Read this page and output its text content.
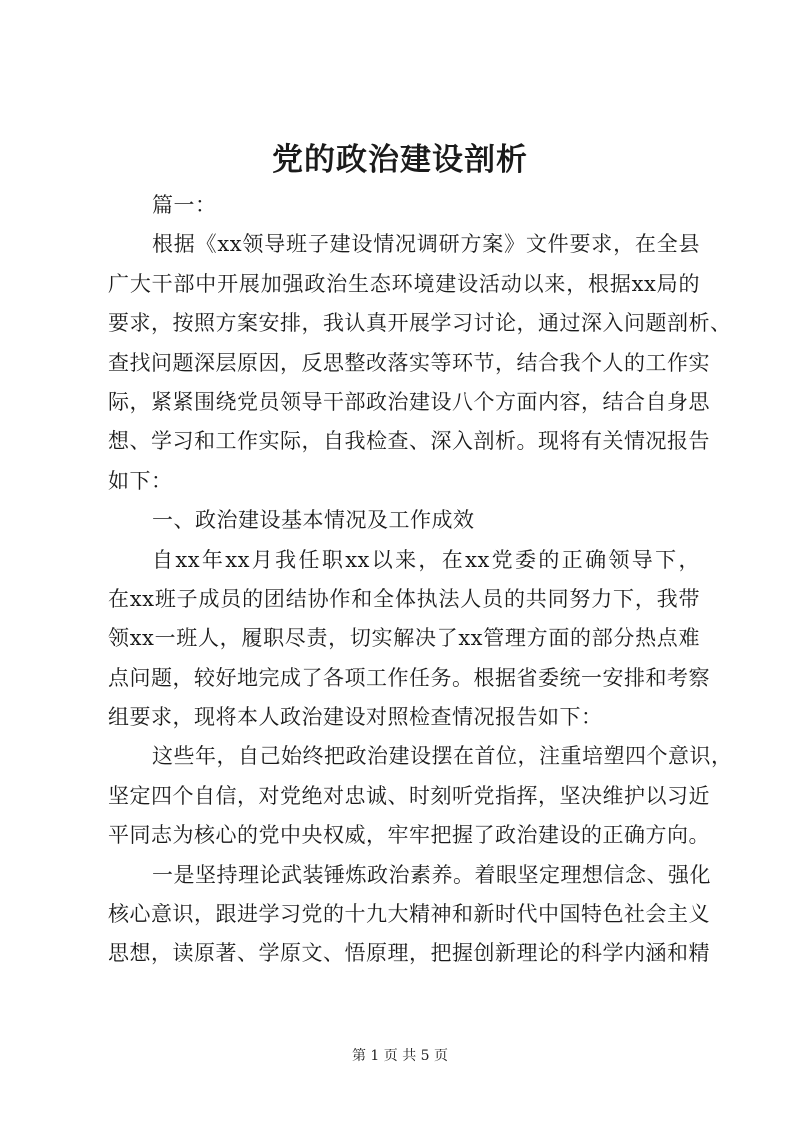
党的政治建设剖析
篇一：
根据《xx领导班子建设情况调研方案》文件要求，在全县
广大干部中开展加强政治生态环境建设活动以来，根据xx局的
要求，按照方案安排，我认真开展学习讨论，通过深入问题剖析、
查找问题深层原因，反思整改落实等环节，结合我个人的工作实
际，紧紧围绕党员领导干部政治建设八个方面内容，结合自身思
想、学习和工作实际，自我检查、深入剖析。现将有关情况报告
如下：
一、政治建设基本情况及工作成效
自xx年xx月我任职xx以来，在xx党委的正确领导下，
在xx班子成员的团结协作和全体执法人员的共同努力下，我带
领xx一班人，履职尽责，切实解决了xx管理方面的部分热点难
点问题，较好地完成了各项工作任务。根据省委统一安排和考察
组要求，现将本人政治建设对照检查情况报告如下：
这些年，自己始终把政治建设摆在首位，注重培塑四个意识，
坚定四个自信，对党绝对忠诚、时刻听党指挥，坚决维护以习近
平同志为核心的党中央权威，牢牢把握了政治建设的正确方向。
一是坚持理论武装锤炼政治素养。着眼坚定理想信念、强化
核心意识，跟进学习党的十九大精神和新时代中国特色社会主义
思想，读原著、学原文、悟原理，把握创新理论的科学内涵和精
第 1 页 共 5 页
